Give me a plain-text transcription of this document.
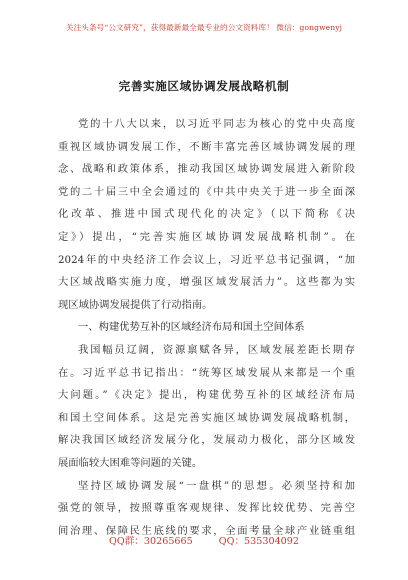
关注头条号“公文研究”，获得最新最全最专业的公文资料库！ 微信：gongwenyj
完善实施区域协调发展战略机制
党的十八大以来，以习近平同志为核心的党中央高度
重视区域协调发展工作，不断丰富完善区域协调发展的理
念、战略和政策体系，推动我国区域协调发展进入新阶段
党的二十届三中全会通过的《中共中央关于进一步全面深
化改革、推进中国式现代化的决定》（以下简称《决
定》）提出，“完善实施区域协调发展战略机制”。在
2024年的中央经济工作会议上，习近平总书记强调，“加
大区域战略实施力度，增强区域发展活力”。这些都为实
现区域协调发展提供了行动指南。
一、构建优势互补的区域经济布局和国土空间体系
我国幅员辽阔，资源禀赋各异，区域发展差距长期存
在。习近平总书记指出：“统筹区域发展从来都是一个重
大问题。”《决定》提出，构建优势互补的区域经济布局
和国土空间体系。这是完善实施区域协调发展战略机制，
解决我国区域经济发展分化，发展动力极化，部分区域发
展面临较大困难等问题的关键。
坚持区域协调发展“一盘棋”的思想。必须坚持和加
强党的领导，按照尊重客观规律、发挥比较优势、完善空
间治理、保障民生底线的要求，全面考量全球产业链重组
QQ群：30265665	QQ：535304092
